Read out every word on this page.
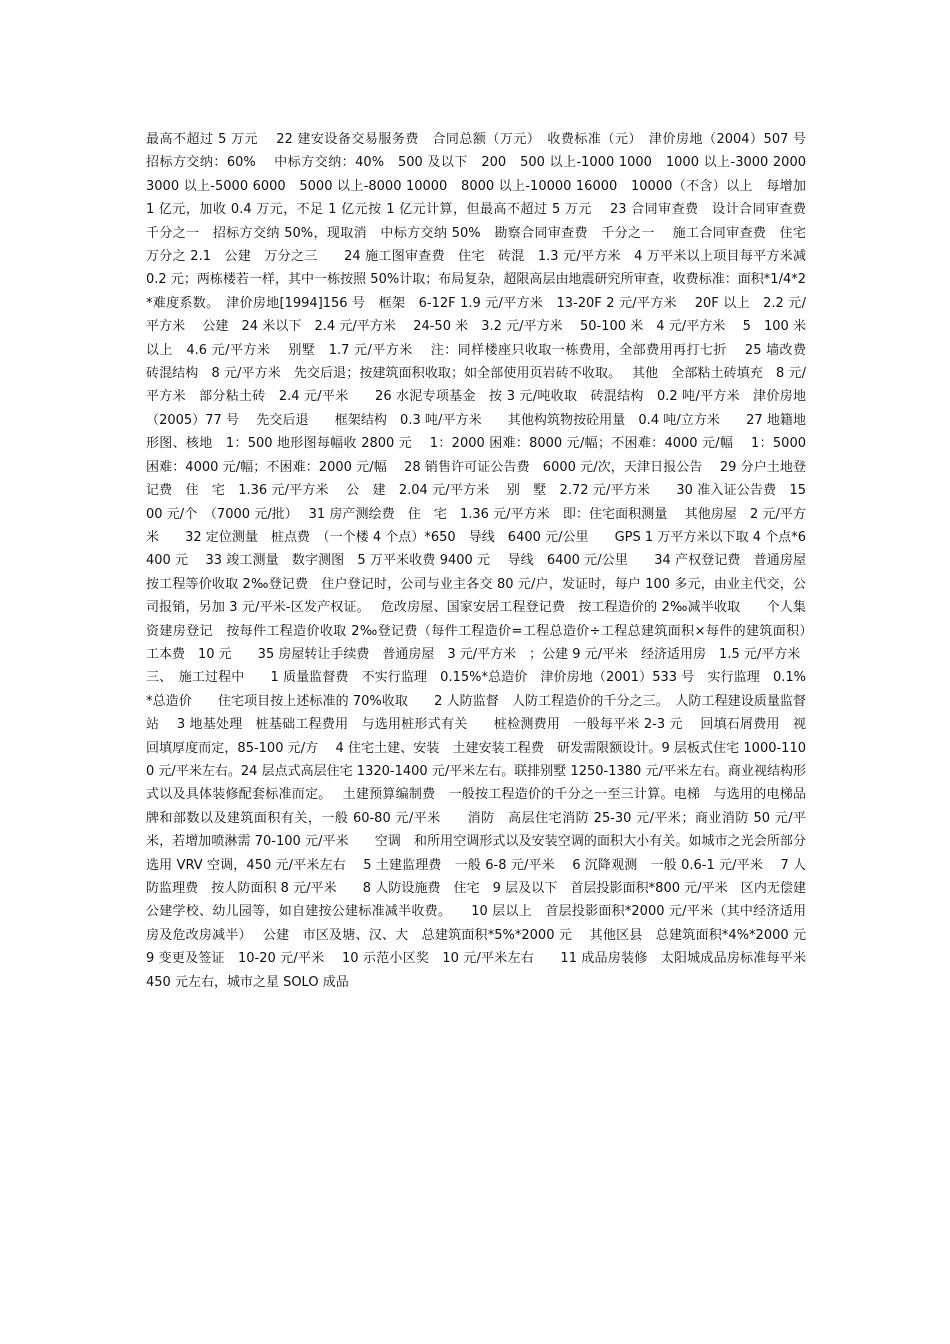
最高不超过 5 万元　 22 建安设备交易服务费　合同总额（万元）　收费标准（元）　津价房地（2004）507 号　　 招标方交纳：60%　 中标方交纳：40%　500 及以下　200　500 以上-1000 1000　1000 以上-3000 2000　3000 以上-5000 6000　5000 以上-8000 10000　8000 以上-10000 16000　10000（不含）以上　每增加 1 亿元，加收 0.4 万元，不足 1 亿元按 1 亿元计算，但最高不超过 5 万元　 23 合同审查费　设计合同审查费　千分之一　招标方交纳 50%，现取消　中标方交纳 50%　勘察合同审查费　千分之一　 施工合同审查费　住宅　万分之 2.1　公建　万分之三　　24 施工图审查费　住宅　砖混　1.3 元/平方米　4 万平米以上项目每平方米减 0.2 元；两栋楼若一样，其中一栋按照 50%计取；布局复杂，超限高层由地震研究所审查，收费标准：面积*1/4*2*难度系数。　津价房地[1994]156 号　框架　6-12F 1.9 元/平方米　13-20F 2 元/平方米　 20F 以上　2.2 元/平方米　 公建　24 米以下　2.4 元/平方米　 24-50 米　3.2 元/平方米　 50-100 米　4 元/平方米　 5　100 米以上　4.6 元/平方米　 别墅　1.7 元/平方米　 注：同样楼座只收取一栋费用，全部费用再打七折　 25 墙改费　砖混结构　8 元/平方米　先交后退；按建筑面积收取；如全部使用页岩砖不收取。　 其他　全部粘土砖填充　8 元/平方米　部分粘土砖　2.4 元/平米　　26 水泥专项基金　按 3 元/吨收取　砖混结构　0.2 吨/平方米　津价房地（2005）77 号　 先交后退　　框架结构　0.3 吨/平方米　　其他构筑物按砼用量　0.4 吨/立方米　　27 地籍地形图、核地　1：500 地形图每幅收 2800 元　 1：2000 困难：8000 元/幅；不困难：4000 元/幅　 1：5000 困难：4000 元/幅；不困难：2000 元/幅　 28 销售许可证公告费　6000 元/次，天津日报公告　 29 分户土地登记费　住　宅　1.36 元/平方米　 公　建　2.04 元/平方米　 别　墅　2.72 元/平方米　　30 准入证公告费　1500 元/个　（7000 元/批）　 31 房产测绘费　住　宅　1.36 元/平方米　即：住宅面积测量　 其他房屋　2 元/平方米　　32 定位测量　桩点费　（一个楼 4 个点）*650　导线　6400 元/公里　　GPS 1 万平方米以下取 4 个点*6400 元　 33 竣工测量　数字测图　5 万平米收费 9400 元　 导线　6400 元/公里　　34 产权登记费　普通房屋　按工程等价收取 2‰登记费　住户登记时，公司与业主各交 80 元/户，发证时，每户 100 多元，由业主代交，公司报销，另加 3 元/平米-区发产权证。　 危改房屋、国家安居工程登记费　按工程造价的 2‰减半收取　　个人集资建房登记　按每件工程造价收取 2‰登记费（每件工程造价=工程总造价÷工程总建筑面积×每件的建筑面积）　 工本费　10 元　　35 房屋转让手续费　普通房屋　3 元/平方米　；公建 9 元/平米　经济适用房　1.5 元/平方米

三、　施工过程中　　1 质量监督费　不实行监理　0.15%*总造价　津价房地（2001）533 号　实行监理　0.1%*总造价　　住宅项目按上述标准的 70%收取　　2 人防监督　人防工程造价的千分之三。　人防工程建设质量监督站　 3 地基处理　桩基础工程费用　与选用桩形式有关　　桩检测费用　一般每平米 2-3 元　 回填石屑费用　视回填厚度而定，85-100 元/方　 4 住宅土建、安装　土建安装工程费　研发需限额设计。9 层板式住宅 1000-1100 元/平米左右。24 层点式高层住宅 1320-1400 元/平米左右。联排别墅 1250-1380 元/平米左右。商业视结构形式以及具体装修配套标准而定。　 土建预算编制费　一般按工程造价的千分之一至三计算。电梯　与选用的电梯品牌和部数以及建筑面积有关，一般 60-80 元/平米　　消防　高层住宅消防 25-30 元/平米；商业消防 50 元/平米，若增加喷淋需 70-100 元/平米　　空调　和所用空调形式以及安装空调的面积大小有关。如城市之光会所部分选用 VRV 空调，450 元/平米左右　 5 土建监理费　一般 6-8 元/平米　 6 沉降观测　一般 0.6-1 元/平米　 7 人防监理费　按人防面积 8 元/平米　　8 人防设施费　住宅　9 层及以下　首层投影面积*800 元/平米　区内无偿建公建学校、幼儿园等，如自建按公建标准减半收费。　　10 层以上　首层投影面积*2000 元/平米（其中经济适用房及危改房减半）　 公建　市区及塘、汉、大　总建筑面积*5%*2000 元　 其他区县　总建筑面积*4%*2000 元　 9 变更及签证　10-20 元/平米　 10 示范小区奖　10 元/平米左右　　11 成品房装修　太阳城成品房标准每平米 450 元左右，城市之星 SOLO 成品
